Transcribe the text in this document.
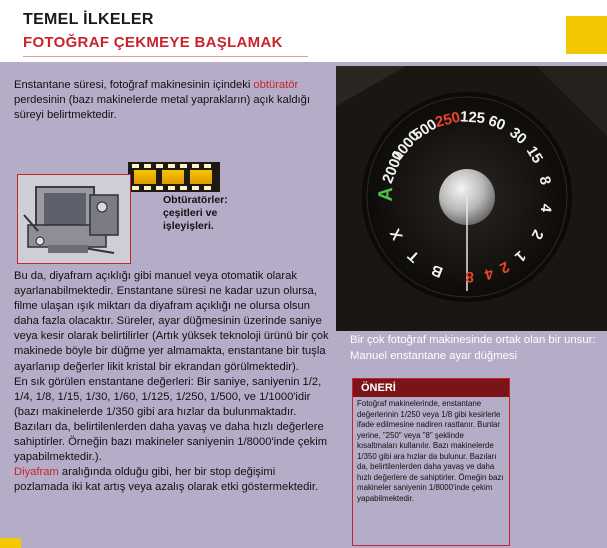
TEMEL İLKELER
FOTOĞRAF ÇEKMEYE BAŞLAMAK
Enstantane süresi, fotoğraf makinesinin içindeki obtüratör perdesinin (bazı makinelerde metal yaprakların) açık kaldığı süreyi belirtmektedir.
Obtüratörler: çeşitleri ve işleyişleri.
Bu da, diyafram açıklığı gibi manuel veya otomatik olarak ayarlanabilmektedir. Enstantane süresi ne kadar uzun olursa, filme ulaşan ışık miktarı da diyafram açıklığı ne olursa olsun daha fazla olacaktır. Süreler, ayar düğmesinin üzerinde saniye veya kesir olarak belirtilirler (Artık yüksek teknoloji ürünü bir çok makinede böyle bir düğme yer almamakta, enstantane bir tuşla ayarlanıp değerler likit kristal bir ekrandan görülmektedir).
En sık görülen enstantane değerleri: Bir saniye, saniyenin 1/2, 1/4, 1/8, 1/15, 1/30, 1/60, 1/125, 1/250, 1/500, ve 1/1000'idir (bazı makinelerde 1/350 gibi ara hızlar da bulunmaktadır. Bazıları da, belirtilenlerden daha yavaş ve daha hızlı değerlere sahiptirler. Örneğin bazı makineler saniyenin 1/8000'inde çekim yapabilmektedir.).
Diyafram aralığında olduğu gibi, her bir stop değişimi pozlamada iki kat artış veya azalış olarak etki göstermektedir.
2000
1000
500
250
125 60
30
15
8
4
2
1
2
4
8
B
T
X
A
Bir çok fotoğraf makinesinde ortak olan bir unsur: Manuel enstantane ayar düğmesi
ÖNERİ
Fotoğraf makinelerinde, enstantane değerlerinin 1/250 veya 1/8 gibi kesirlerle ifade edilmesine nadiren rastlanır. Bunlar yerine, "250" veya "8" şeklinde kısaltmaları kullanılır. Bazı makinelerde 1/350 gibi ara hızlar da bulunur. Bazıları da, belirtilenlerden daha yavaş ve daha hızlı değerlere de sahiptirler. Örneğin bazı makineler saniyenin 1/8000'inde çekim yapabilmektedir.
